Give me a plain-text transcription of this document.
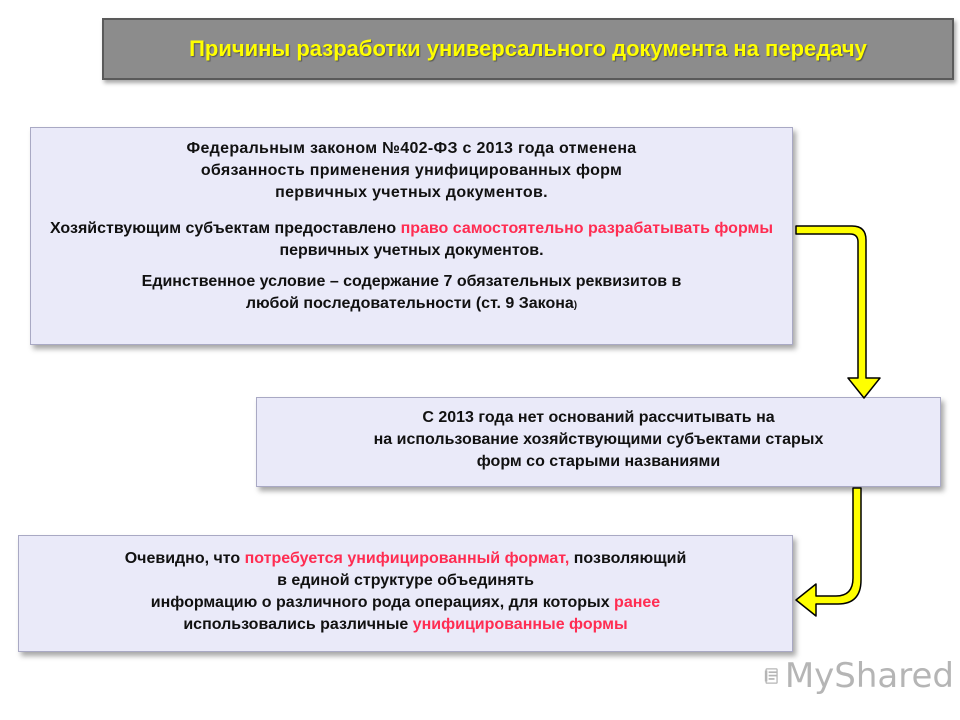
Причины разработки универсального документа на передачу

Федеральным законом №402-ФЗ с 2013 года отменена
обязанность применения унифицированных форм
первичных учетных документов.

Хозяйствующим субъектам предоставлено право самостоятельно разрабатывать формы первичных учетных документов.

Единственное условие – содержание 7 обязательных реквизитов в
любой последовательности (ст. 9 Закона)

С 2013 года нет оснований рассчитывать на
на использование хозяйствующими субъектами старых
форм со старыми названиями

Очевидно, что потребуется унифицированный формат, позволяющий
в единой структуре объединять
информацию о различного рода операциях, для которых ранее
использовались различные унифицированные формы

MyShared
